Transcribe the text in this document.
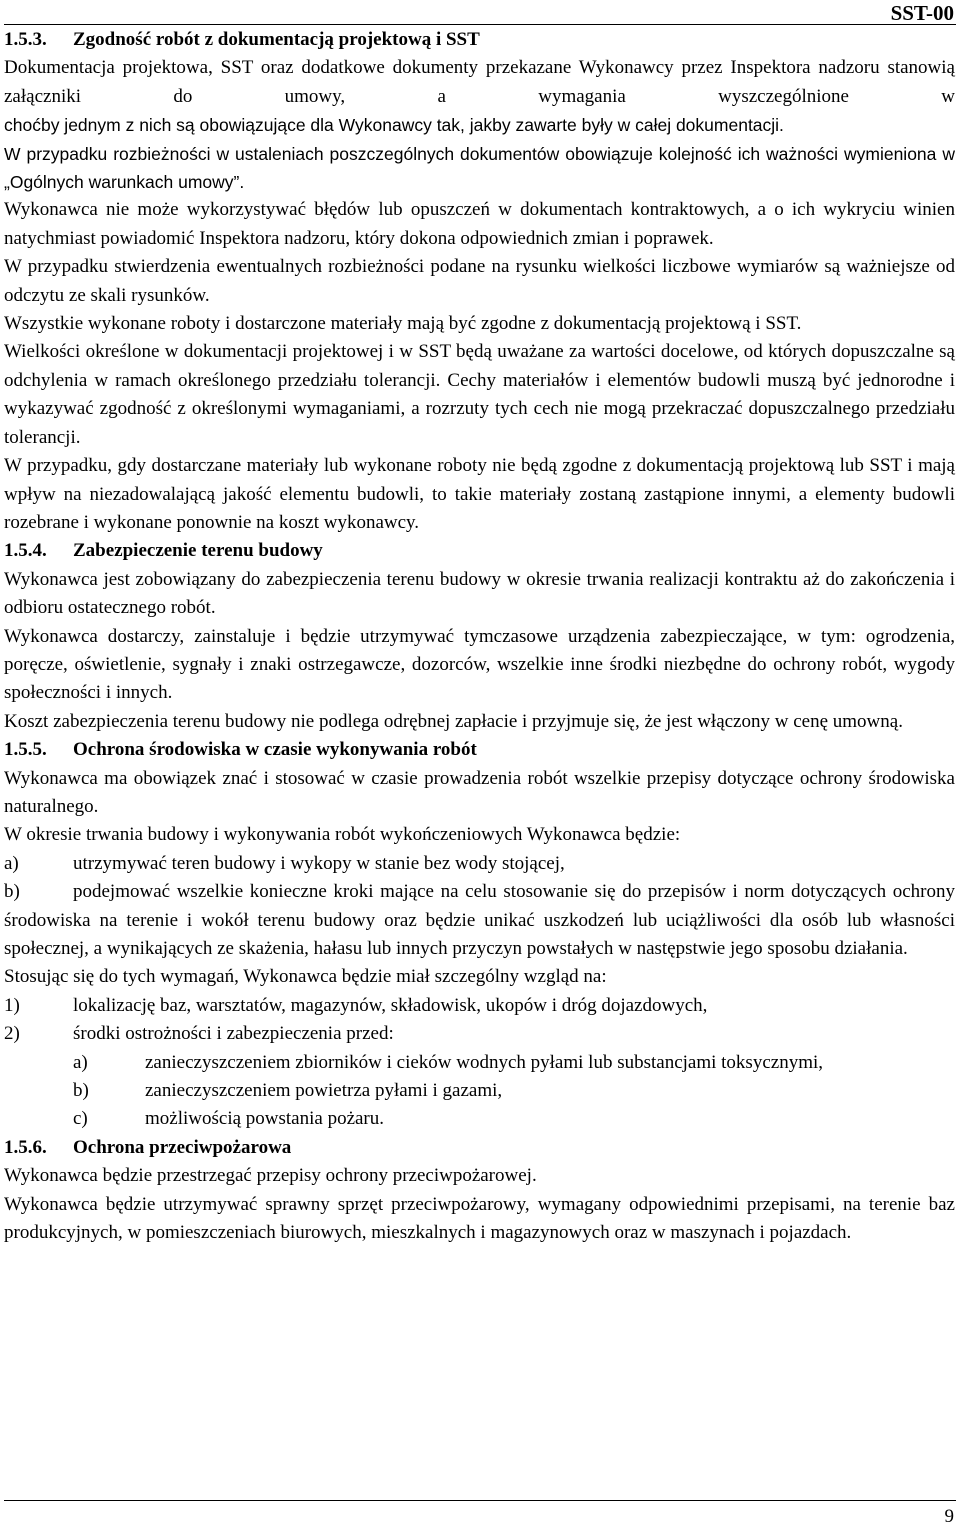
SST-00
1.5.3.	Zgodność robót z dokumentacją projektową i SST

Dokumentacja projektowa, SST oraz dodatkowe dokumenty przekazane Wykonawcy przez Inspektora nadzoru stanowią załączniki do umowy, a wymagania wyszczególnione w

choćby jednym z nich są obowiązujące dla Wykonawcy tak, jakby zawarte były w całej dokumentacji.

W przypadku rozbieżności w ustaleniach poszczególnych dokumentów obowiązuje kolejność ich ważności wymieniona w „Ogólnych warunkach umowy”.

Wykonawca nie może wykorzystywać błędów lub opuszczeń w dokumentach kontraktowych, a o ich wykryciu winien natychmiast powiadomić Inspektora nadzoru, który dokona odpowiednich zmian i poprawek.

W przypadku stwierdzenia ewentualnych rozbieżności podane na rysunku wielkości liczbowe wymiarów są ważniejsze od odczytu ze skali rysunków.

Wszystkie wykonane roboty i dostarczone materiały mają być zgodne z dokumentacją projektową i SST.

Wielkości określone w dokumentacji projektowej i w SST będą uważane za wartości docelowe, od których dopuszczalne są odchylenia w ramach określonego przedziału tolerancji. Cechy materiałów i elementów budowli muszą być jednorodne i wykazywać zgodność z określonymi wymaganiami, a rozrzuty tych cech nie mogą przekraczać dopuszczalnego przedziału tolerancji.

W przypadku, gdy dostarczane materiały lub wykonane roboty nie będą zgodne z dokumentacją projektową lub SST i mają wpływ na niezadowalającą jakość elementu budowli, to takie materiały zostaną zastąpione innymi, a elementy budowli rozebrane i wykonane ponownie na koszt wykonawcy.

1.5.4.	Zabezpieczenie terenu budowy

Wykonawca jest zobowiązany do zabezpieczenia terenu budowy w okresie trwania realizacji kontraktu aż do zakończenia i odbioru ostatecznego robót.

Wykonawca dostarczy, zainstaluje i będzie utrzymywać tymczasowe urządzenia zabezpieczające, w tym: ogrodzenia, poręcze, oświetlenie, sygnały i znaki ostrzegawcze, dozorców, wszelkie inne środki niezbędne do ochrony robót, wygody społeczności i innych.

Koszt zabezpieczenia terenu budowy nie podlega odrębnej zapłacie i przyjmuje się, że jest włączony w cenę umowną.

1.5.5.	Ochrona środowiska w czasie wykonywania robót

Wykonawca ma obowiązek znać i stosować w czasie prowadzenia robót wszelkie przepisy dotyczące ochrony środowiska naturalnego.

W okresie trwania budowy i wykonywania robót wykończeniowych Wykonawca będzie:

a)	utrzymywać teren budowy i wykopy w stanie bez wody stojącej,
b)	podejmować wszelkie konieczne kroki mające na celu stosowanie się do przepisów i norm dotyczących ochrony środowiska na terenie i wokół terenu budowy oraz będzie unikać uszkodzeń lub uciążliwości dla osób lub własności społecznej, a wynikających ze skażenia, hałasu lub innych przyczyn powstałych w następstwie jego sposobu działania.

Stosując się do tych wymagań, Wykonawca będzie miał szczególny wzgląd na:

1)	lokalizację baz, warsztatów, magazynów, składowisk, ukopów i dróg dojazdowych,
2)	środki ostrożności i zabezpieczenia przed:
a)	zanieczyszczeniem zbiorników i cieków wodnych pyłami lub substancjami toksycznymi,
b)	zanieczyszczeniem powietrza pyłami i gazami,
c)	możliwością powstania pożaru.
1.5.6.	Ochrona przeciwpożarowa

Wykonawca będzie przestrzegać przepisy ochrony przeciwpożarowej.

Wykonawca będzie utrzymywać sprawny sprzęt przeciwpożarowy, wymagany odpowiednimi przepisami, na terenie baz produkcyjnych, w pomieszczeniach biurowych, mieszkalnych i magazynowych oraz w maszynach i pojazdach.

9
